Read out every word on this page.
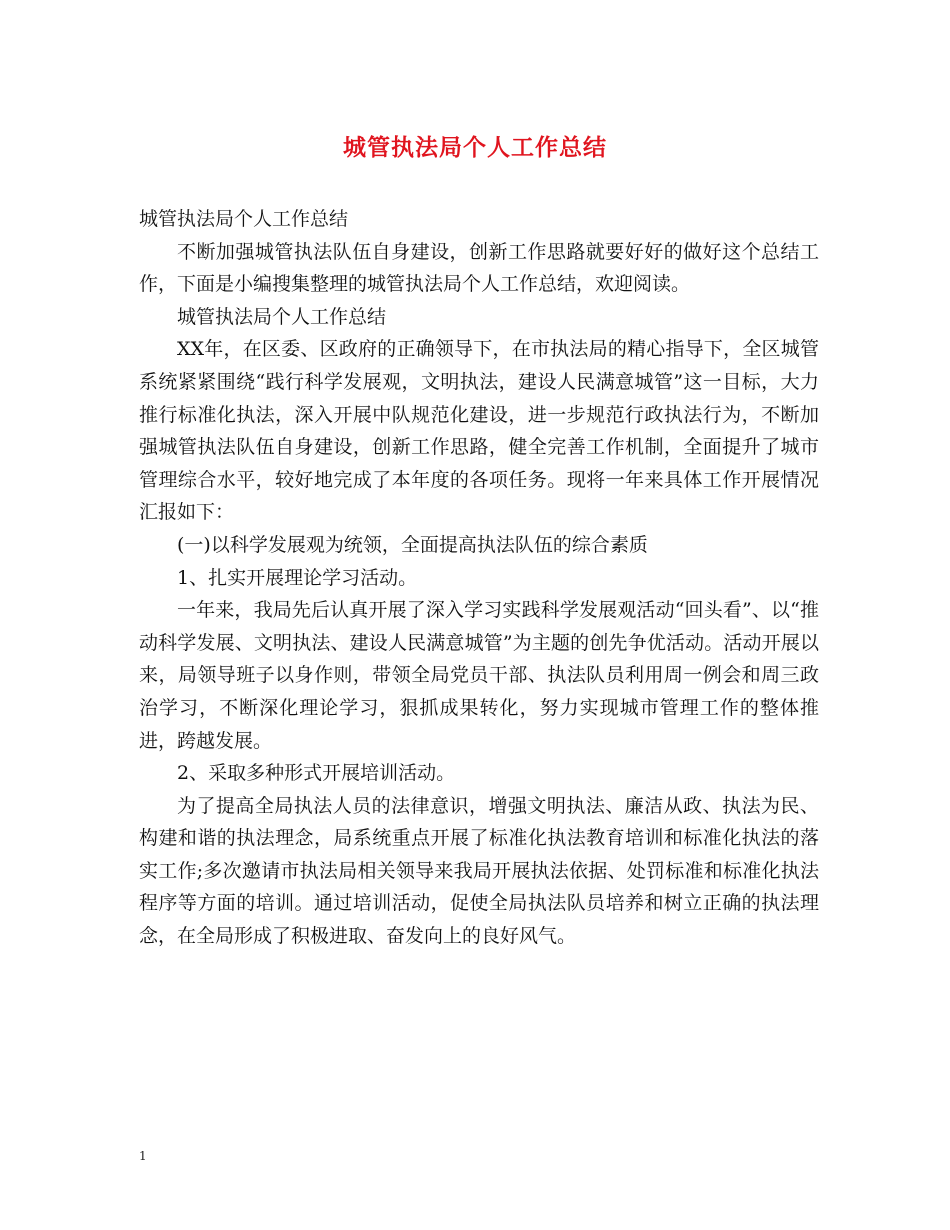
城管执法局个人工作总结

城管执法局个人工作总结

不断加强城管执法队伍自身建设，创新工作思路就要好好的做好这个总结工作，下面是小编搜集整理的城管执法局个人工作总结，欢迎阅读。

城管执法局个人工作总结

XX年，在区委、区政府的正确领导下，在市执法局的精心指导下，全区城管系统紧紧围绕“践行科学发展观，文明执法，建设人民满意城管”这一目标，大力推行标准化执法，深入开展中队规范化建设，进一步规范行政执法行为，不断加强城管执法队伍自身建设，创新工作思路，健全完善工作机制，全面提升了城市管理综合水平，较好地完成了本年度的各项任务。现将一年来具体工作开展情况汇报如下：

(一)以科学发展观为统领，全面提高执法队伍的综合素质

1、扎实开展理论学习活动。

一年来，我局先后认真开展了深入学习实践科学发展观活动“回头看”、以“推动科学发展、文明执法、建设人民满意城管”为主题的创先争优活动。活动开展以来，局领导班子以身作则，带领全局党员干部、执法队员利用周一例会和周三政治学习，不断深化理论学习，狠抓成果转化，努力实现城市管理工作的整体推进，跨越发展。

2、采取多种形式开展培训活动。

为了提高全局执法人员的法律意识，增强文明执法、廉洁从政、执法为民、构建和谐的执法理念，局系统重点开展了标准化执法教育培训和标准化执法的落实工作;多次邀请市执法局相关领导来我局开展执法依据、处罚标准和标准化执法程序等方面的培训。通过培训活动，促使全局执法队员培养和树立正确的执法理念，在全局形成了积极进取、奋发向上的良好风气。

1
